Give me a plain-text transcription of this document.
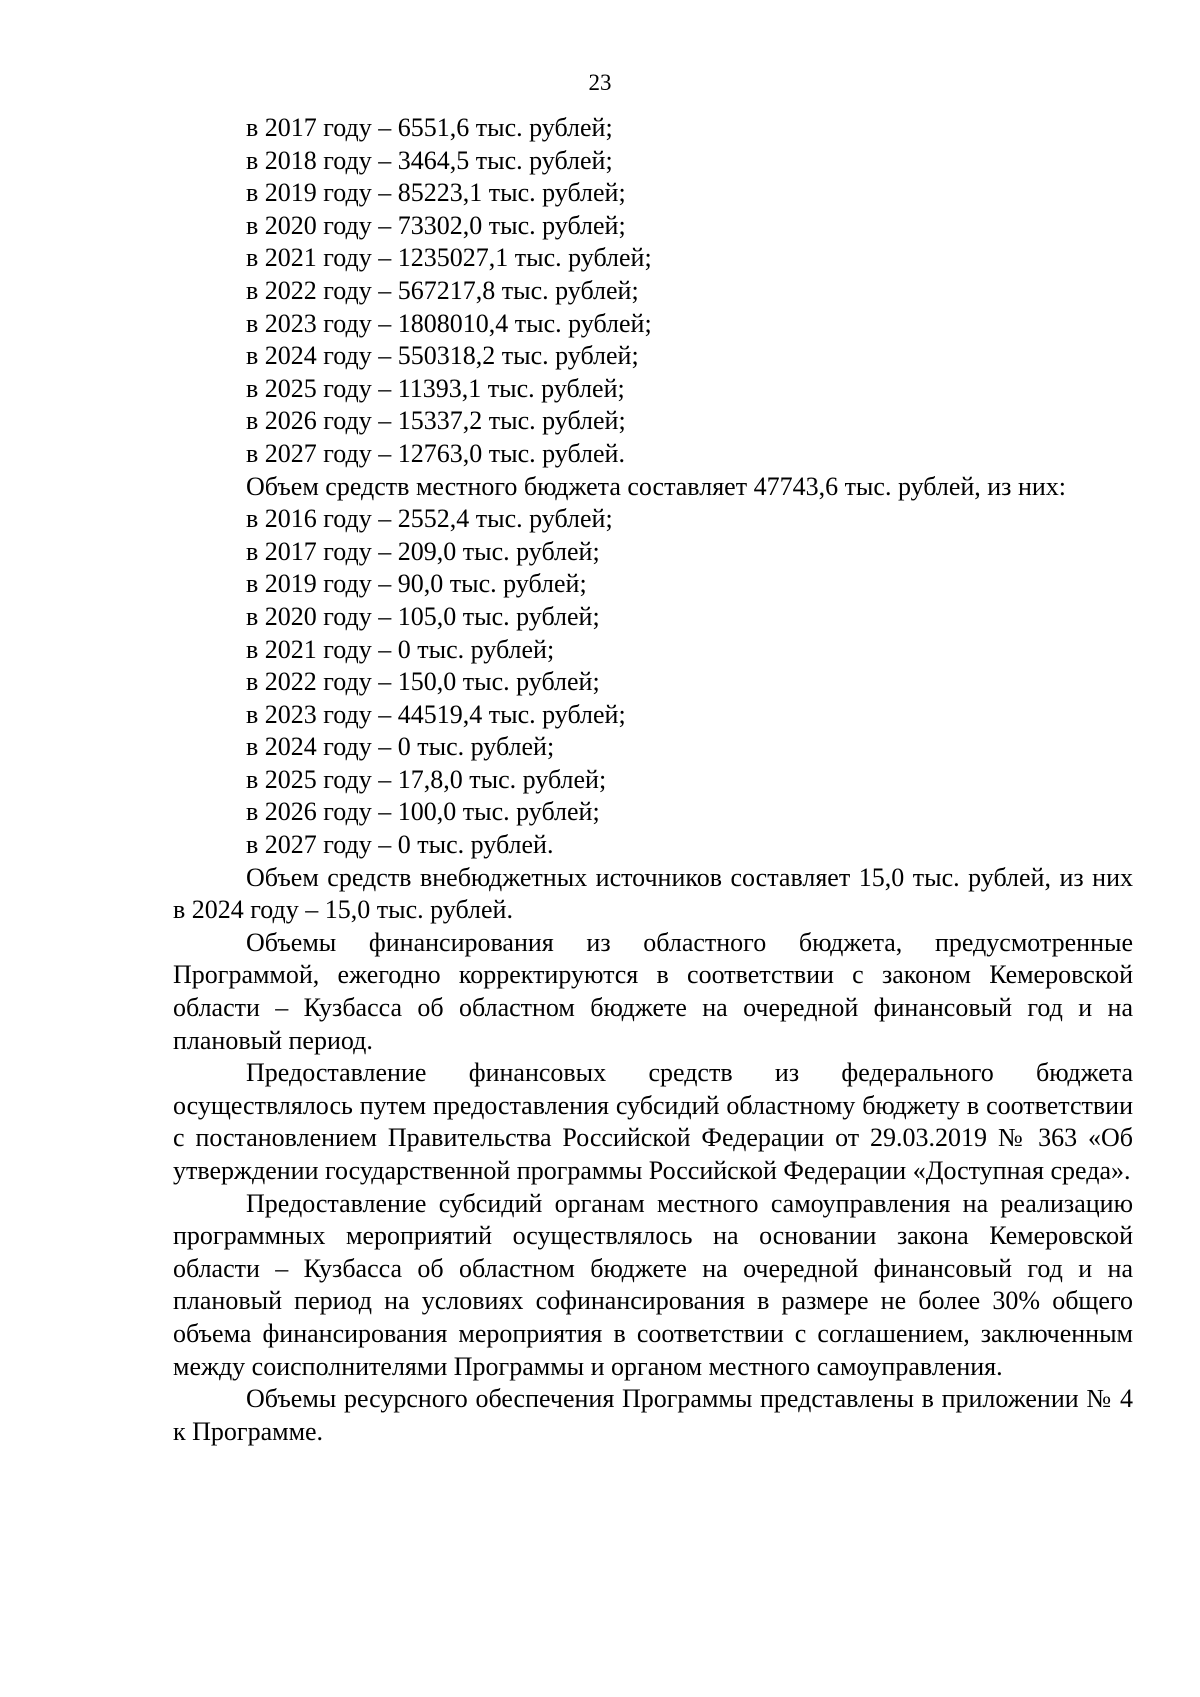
23
в 2017 году – 6551,6 тыс. рублей;
в 2018 году – 3464,5 тыс. рублей;
в 2019 году – 85223,1 тыс. рублей;
в 2020 году – 73302,0 тыс. рублей;
в 2021 году – 1235027,1 тыс. рублей;
в 2022 году – 567217,8 тыс. рублей;
в 2023 году – 1808010,4 тыс. рублей;
в 2024 году – 550318,2 тыс. рублей;
в 2025 году – 11393,1 тыс. рублей;
в 2026 году – 15337,2 тыс. рублей;
в 2027 году – 12763,0 тыс. рублей.

Объем средств местного бюджета составляет 47743,6 тыс. рублей, из них:

в 2016 году – 2552,4 тыс. рублей;
в 2017 году – 209,0 тыс. рублей;
в 2019 году – 90,0 тыс. рублей;
в 2020 году – 105,0 тыс. рублей;
в 2021 году – 0 тыс. рублей;
в 2022 году – 150,0 тыс. рублей;
в 2023 году – 44519,4 тыс. рублей;
в 2024 году – 0 тыс. рублей;
в 2025 году – 17,8,0 тыс. рублей;
в 2026 году – 100,0 тыс. рублей;
в 2027 году – 0 тыс. рублей.

Объем средств внебюджетных источников составляет 15,0 тыс. рублей, из них в 2024 году – 15,0 тыс. рублей.

Объемы финансирования из областного бюджета, предусмотренные Программой, ежегодно корректируются в соответствии с законом Кемеровской области – Кузбасса об областном бюджете на очередной финансовый год и на плановый период.

Предоставление финансовых средств из федерального бюджета осуществлялось путем предоставления субсидий областному бюджету в соответствии с постановлением Правительства Российской Федерации от 29.03.2019 № 363 «Об утверждении государственной программы Российской Федерации «Доступная среда».

Предоставление субсидий органам местного самоуправления на реализацию программных мероприятий осуществлялось на основании закона Кемеровской области – Кузбасса об областном бюджете на очередной финансовый год и на плановый период на условиях софинансирования в размере не более 30% общего объема финансирования мероприятия в соответствии с соглашением, заключенным между соисполнителями Программы и органом местного самоуправления.

Объемы ресурсного обеспечения Программы представлены в приложении № 4 к Программе.
